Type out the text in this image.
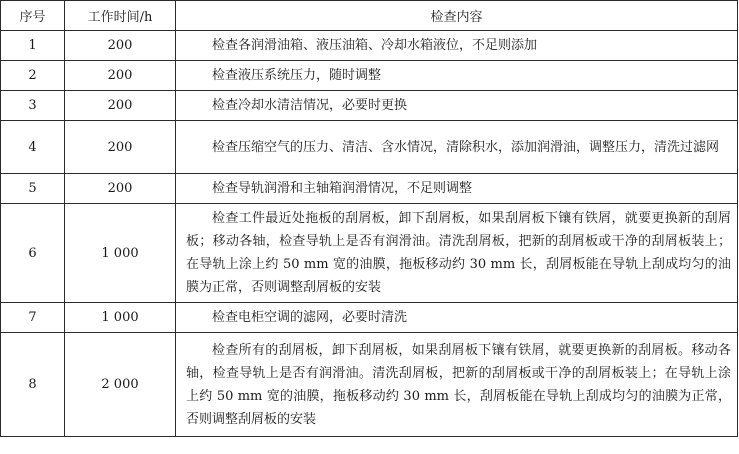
序号	工作时间/h	检查内容
1	200	检查各润滑油箱、液压油箱、冷却水箱液位，不足则添加
2	200	检查液压系统压力，随时调整
3	200	检查冷却水清洁情况，必要时更换
4	200	检查压缩空气的压力、清洁、含水情况，清除积水，添加润滑油，调整压力，清洗过滤网
5	200	检查导轨润滑和主轴箱润滑情况，不足则调整
6	1 000	检查工件最近处拖板的刮屑板，卸下刮屑板，如果刮屑板下镶有铁屑，就要更换新的刮屑板；移动各轴，检查导轨上是否有润滑油。清洗刮屑板，把新的刮屑板或干净的刮屑板装上；在导轨上涂上约 50 mm 宽的油膜，拖板移动约 30 mm 长，刮屑板能在导轨上刮成均匀的油膜为正常，否则调整刮屑板的安装
7	1 000	检查电柜空调的滤网，必要时清洗
8	2 000	检查所有的刮屑板，卸下刮屑板，如果刮屑板下镶有铁屑，就要更换新的刮屑板。移动各轴，检查导轨上是否有润滑油。清洗刮屑板，把新的刮屑板或干净的刮屑板装上；在导轨上涂上约 50 mm 宽的油膜，拖板移动约 30 mm 长，刮屑板能在导轨上刮成均匀的油膜为正常，否则调整刮屑板的安装
